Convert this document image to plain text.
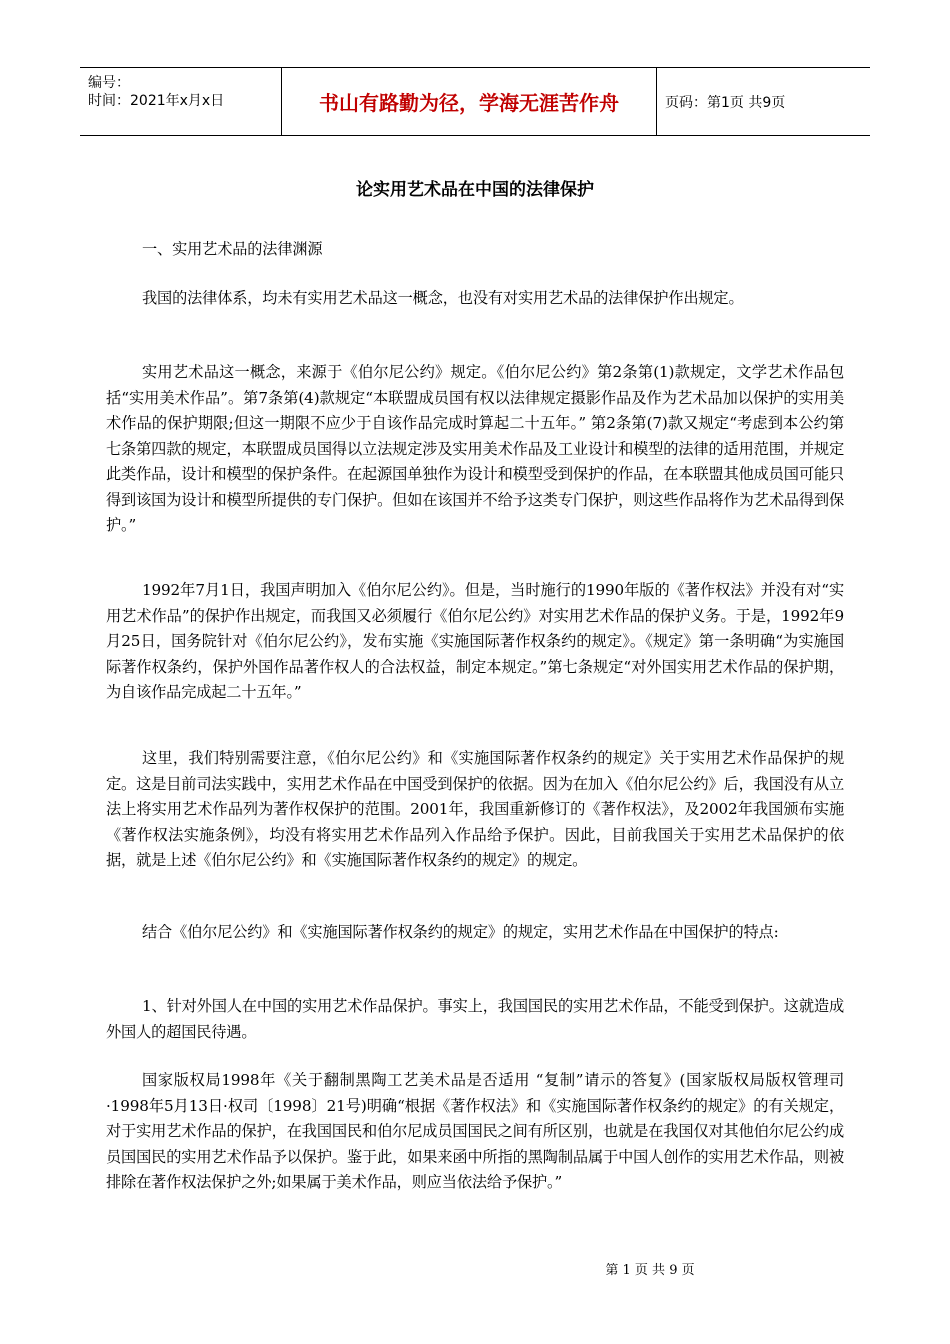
编号：
时间：2021年x月x日	书山有路勤为径，学海无涯苦作舟	页码：第1页 共9页
论实用艺术品在中国的法律保护

一、实用艺术品的法律渊源

我国的法律体系，均未有实用艺术品这一概念，也没有对实用艺术品的法律保护作出规定。

实用艺术品这一概念，来源于《伯尔尼公约》规定。《伯尔尼公约》第2条第(1)款规定，文学艺术作品包括“实用美术作品”。第7条第(4)款规定“本联盟成员国有权以法律规定摄影作品及作为艺术品加以保护的实用美术作品的保护期限;但这一期限不应少于自该作品完成时算起二十五年。” 第2条第(7)款又规定“考虑到本公约第七条第四款的规定，本联盟成员国得以立法规定涉及实用美术作品及工业设计和模型的法律的适用范围，并规定此类作品，设计和模型的保护条件。在起源国单独作为设计和模型受到保护的作品，在本联盟其他成员国可能只得到该国为设计和模型所提供的专门保护。但如在该国并不给予这类专门保护，则这些作品将作为艺术品得到保护。”

1992年7月1日，我国声明加入《伯尔尼公约》。但是，当时施行的1990年版的《著作权法》并没有对“实用艺术作品”的保护作出规定，而我国又必须履行《伯尔尼公约》对实用艺术作品的保护义务。于是，1992年9月25日，国务院针对《伯尔尼公约》，发布实施《实施国际著作权条约的规定》。《规定》第一条明确“为实施国际著作权条约，保护外国作品著作权人的合法权益，制定本规定。”第七条规定“对外国实用艺术作品的保护期，为自该作品完成起二十五年。”

这里，我们特别需要注意，《伯尔尼公约》和《实施国际著作权条约的规定》关于实用艺术作品保护的规定。这是目前司法实践中，实用艺术作品在中国受到保护的依据。因为在加入《伯尔尼公约》后，我国没有从立法上将实用艺术作品列为著作权保护的范围。2001年，我国重新修订的《著作权法》，及2002年我国颁布实施《著作权法实施条例》，均没有将实用艺术作品列入作品给予保护。因此，目前我国关于实用艺术品保护的依据，就是上述《伯尔尼公约》和《实施国际著作权条约的规定》的规定。

结合《伯尔尼公约》和《实施国际著作权条约的规定》的规定，实用艺术作品在中国保护的特点:

1、针对外国人在中国的实用艺术作品保护。事实上，我国国民的实用艺术作品，不能受到保护。这就造成外国人的超国民待遇。

国家版权局1998年《关于翻制黑陶工艺美术品是否适用 “复制”请示的答复》(国家版权局版权管理司·1998年5月13日·权司〔1998〕21号)明确“根据《著作权法》和《实施国际著作权条约的规定》的有关规定，对于实用艺术作品的保护，在我国国民和伯尔尼成员国国民之间有所区别，也就是在我国仅对其他伯尔尼公约成员国国民的实用艺术作品予以保护。鉴于此，如果来函中所指的黑陶制品属于中国人创作的实用艺术作品，则被排除在著作权法保护之外;如果属于美术作品，则应当依法给予保护。”

第 1 页 共 9 页
